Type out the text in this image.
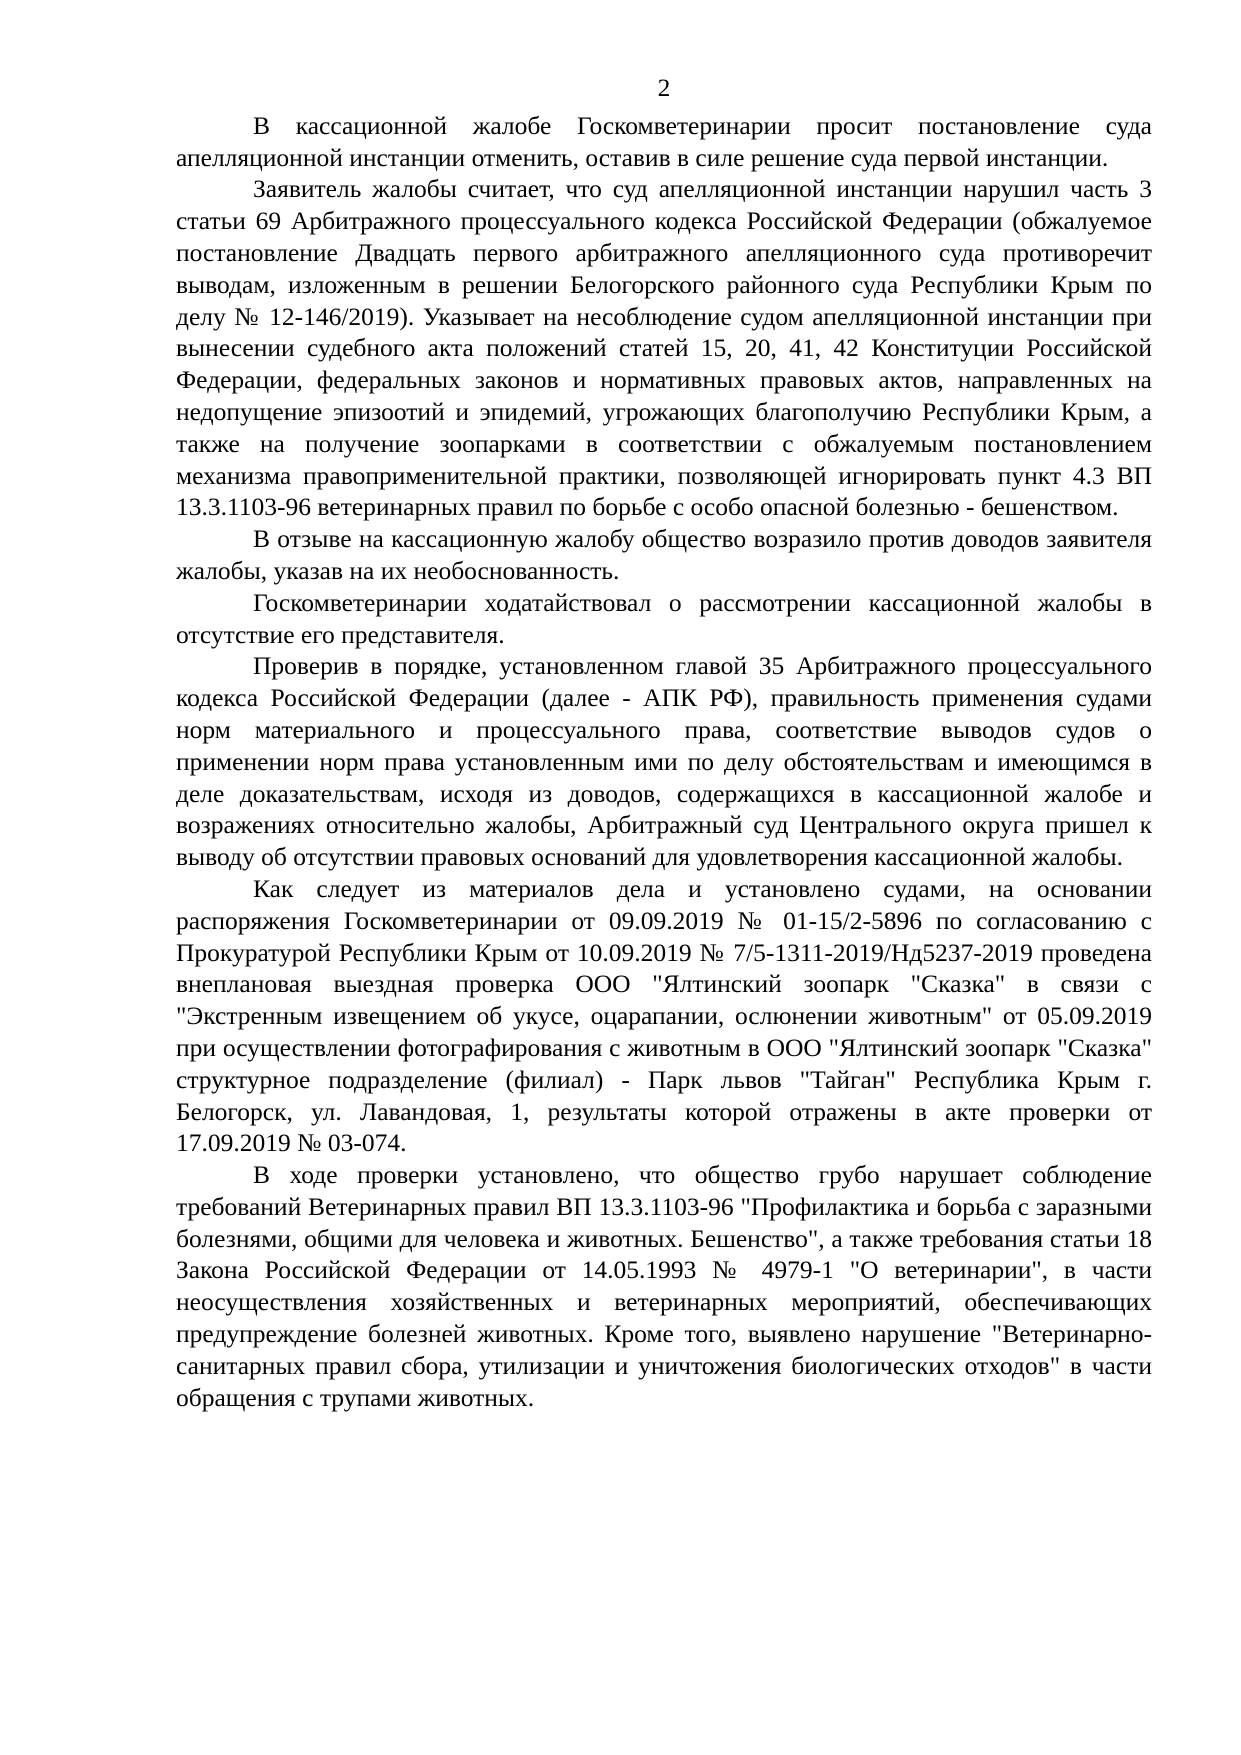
2

В кассационной жалобе Госкомветеринарии просит постановление суда апелляционной инстанции отменить, оставив в силе решение суда первой инстанции.

Заявитель жалобы считает, что суд апелляционной инстанции нарушил часть 3 статьи 69 Арбитражного процессуального кодекса Российской Федерации (обжалуемое постановление Двадцать первого арбитражного апелляционного суда противоречит выводам, изложенным в решении Белогорского районного суда Республики Крым по делу № 12-146/2019). Указывает на несоблюдение судом апелляционной инстанции при вынесении судебного акта положений статей 15, 20, 41, 42 Конституции Российской Федерации, федеральных законов и нормативных правовых актов, направленных на недопущение эпизоотий и эпидемий, угрожающих благополучию Республики Крым, а также на получение зоопарками в соответствии с обжалуемым постановлением механизма правоприменительной практики, позволяющей игнорировать пункт 4.3 ВП 13.3.1103-96 ветеринарных правил по борьбе с особо опасной болезнью - бешенством.

В отзыве на кассационную жалобу общество возразило против доводов заявителя жалобы, указав на их необоснованность.

Госкомветеринарии ходатайствовал о рассмотрении кассационной жалобы в отсутствие его представителя.

Проверив в порядке, установленном главой 35 Арбитражного процессуального кодекса Российской Федерации (далее - АПК РФ), правильность применения судами норм материального и процессуального права, соответствие выводов судов о применении норм права установленным ими по делу обстоятельствам и имеющимся в деле доказательствам, исходя из доводов, содержащихся в кассационной жалобе и возражениях относительно жалобы, Арбитражный суд Центрального округа пришел к выводу об отсутствии правовых оснований для удовлетворения кассационной жалобы.

Как следует из материалов дела и установлено судами, на основании распоряжения Госкомветеринарии от 09.09.2019 № 01-15/2-5896 по согласованию с Прокуратурой Республики Крым от 10.09.2019 № 7/5-1311-2019/Нд5237-2019 проведена внеплановая выездная проверка ООО "Ялтинский зоопарк "Сказка" в связи с "Экстренным извещением об укусе, оцарапании, ослюнении животным" от 05.09.2019 при осуществлении фотографирования с животным в ООО "Ялтинский зоопарк "Сказка" структурное подразделение (филиал) - Парк львов "Тайган" Республика Крым г. Белогорск, ул. Лавандовая, 1, результаты которой отражены в акте проверки от 17.09.2019 № 03-074.

В ходе проверки установлено, что общество грубо нарушает соблюдение требований Ветеринарных правил ВП 13.3.1103-96 "Профилактика и борьба с заразными болезнями, общими для человека и животных. Бешенство", а также требования статьи 18 Закона Российской Федерации от 14.05.1993 № 4979-1 "О ветеринарии", в части неосуществления хозяйственных и ветеринарных мероприятий, обеспечивающих предупреждение болезней животных. Кроме того, выявлено нарушение "Ветеринарно-санитарных правил сбора, утилизации и уничтожения биологических отходов" в части обращения с трупами животных.
